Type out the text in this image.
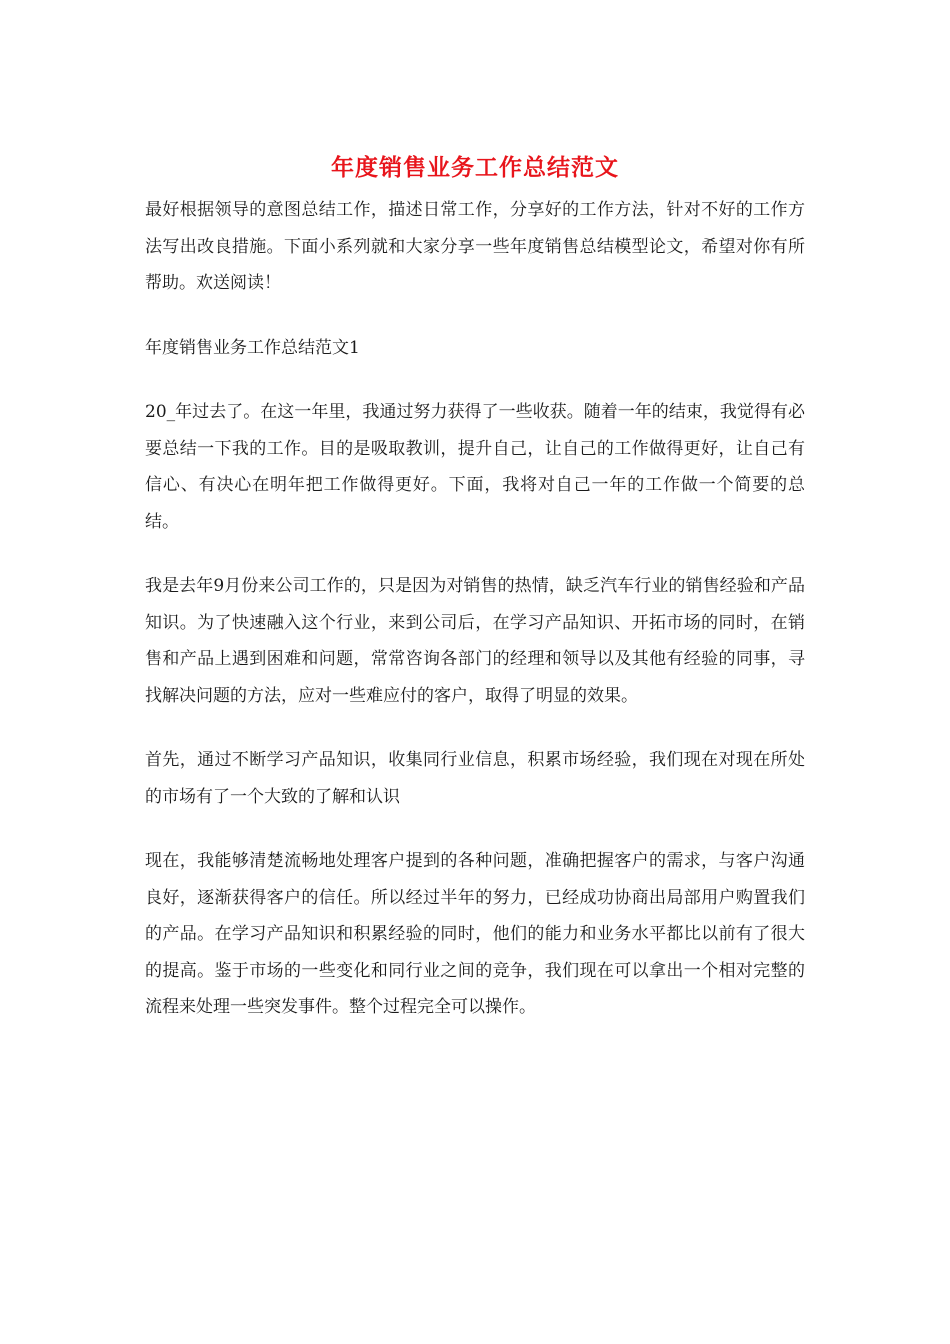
年度销售业务工作总结范文

最好根据领导的意图总结工作，描述日常工作，分享好的工作方法，针对不好的工作方法写出改良措施。下面小系列就和大家分享一些年度销售总结模型论文，希望对你有所帮助。欢送阅读！

年度销售业务工作总结范文1

20_年过去了。在这一年里，我通过努力获得了一些收获。随着一年的结束，我觉得有必要总结一下我的工作。目的是吸取教训，提升自己，让自己的工作做得更好，让自己有信心、有决心在明年把工作做得更好。下面，我将对自己一年的工作做一个简要的总结。

我是去年9月份来公司工作的，只是因为对销售的热情，缺乏汽车行业的销售经验和产品知识。为了快速融入这个行业，来到公司后，在学习产品知识、开拓市场的同时，在销售和产品上遇到困难和问题，常常咨询各部门的经理和领导以及其他有经验的同事，寻找解决问题的方法，应对一些难应付的客户，取得了明显的效果。

首先，通过不断学习产品知识，收集同行业信息，积累市场经验，我们现在对现在所处的市场有了一个大致的了解和认识

现在，我能够清楚流畅地处理客户提到的各种问题，准确把握客户的需求，与客户沟通良好，逐渐获得客户的信任。所以经过半年的努力，已经成功协商出局部用户购置我们的产品。在学习产品知识和积累经验的同时，他们的能力和业务水平都比以前有了很大的提高。鉴于市场的一些变化和同行业之间的竞争，我们现在可以拿出一个相对完整的流程来处理一些突发事件。整个过程完全可以操作。
